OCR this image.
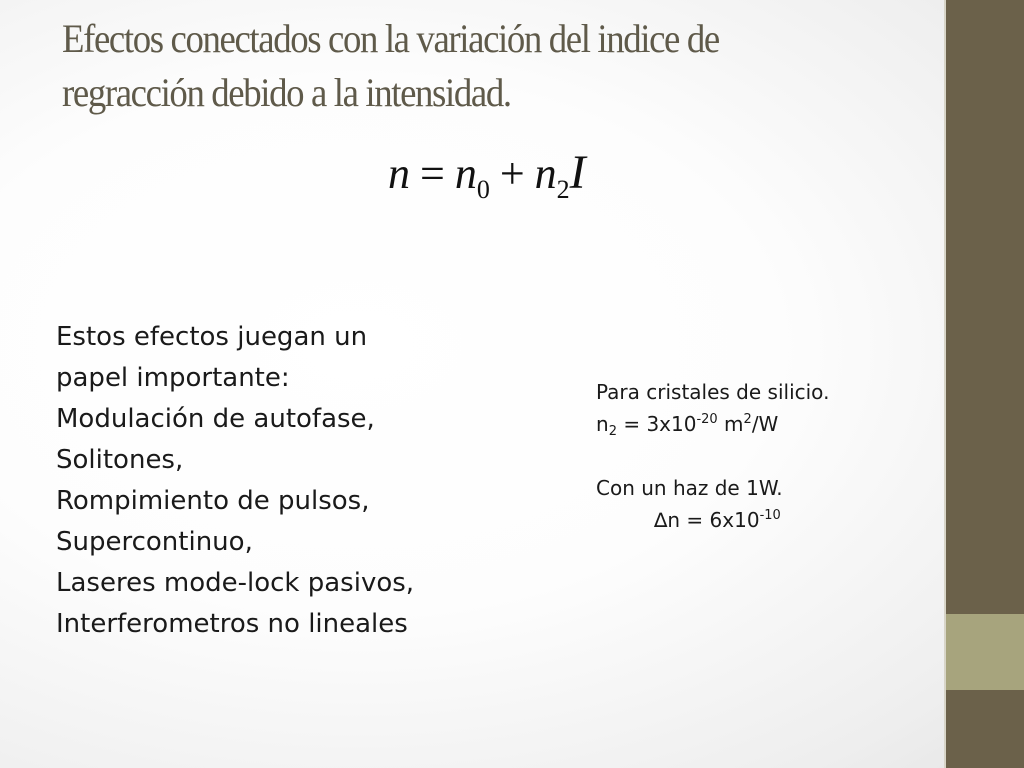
Efectos conectados con la variación del indice de regracción debido a la intensidad.
$n = n_0 + n_2I$
Estos efectos juegan un
papel importante:
Modulación de autofase,
Solitones,
Rompimiento de pulsos,
Supercontinuo,
Laseres mode-lock pasivos,
Interferometros no lineales
Para cristales de silicio.
$n_2 = 3x10^{-20}$ $m^2/W$
Con un haz de 1W.
$\Delta n = 6x10^{-10}$
